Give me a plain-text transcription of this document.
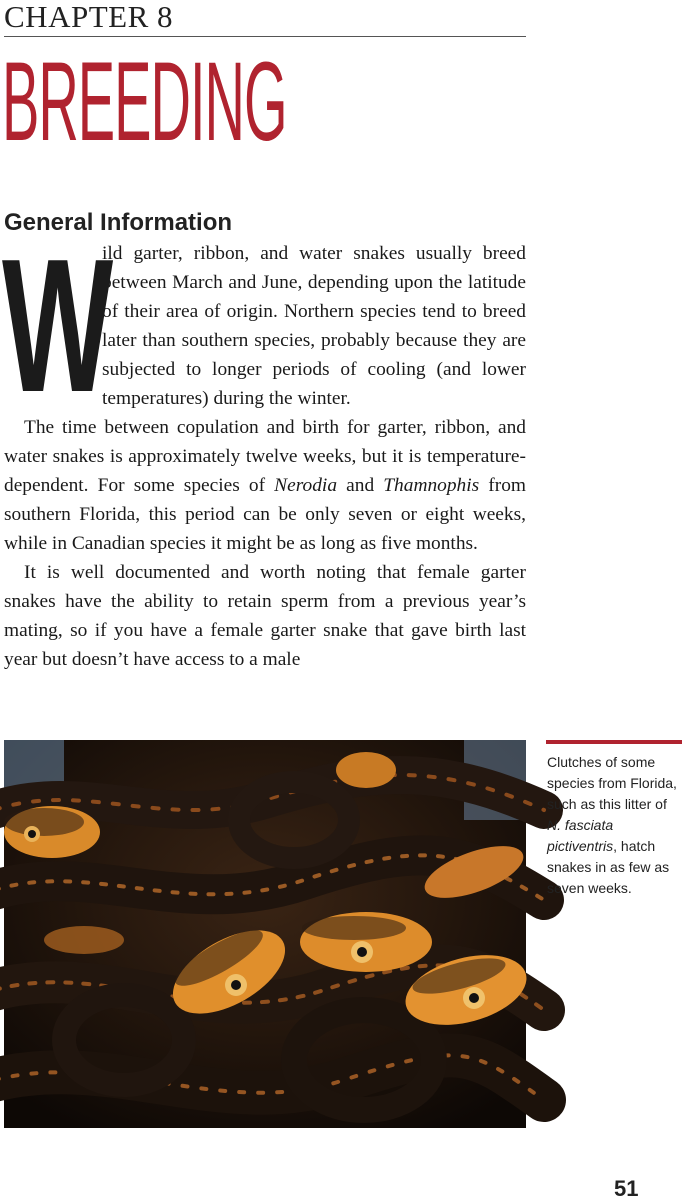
CHAPTER 8
BREEDING
General Information

W
ild garter, ribbon, and water snakes usually breed between March and June, depending upon the latitude of their area of origin. Northern species tend to breed later than southern species, probably because they are subjected to longer periods of cooling (and lower temperatures) during the winter.

The time between copulation and birth for garter, ribbon, and water snakes is approximately twelve weeks, but it is temperature-dependent. For some species of Nerodia and Thamnophis from southern Florida, this period can be only seven or eight weeks, while in Canadian species it might be as long as five months.

It is well documented and worth noting that female garter snakes have the ability to retain sperm from a previous year’s mating, so if you have a female garter snake that gave birth last year but doesn’t have access to a male

Clutches of some species from Florida, such as this litter of N. fasciata pictiventris, hatch snakes in as few as seven weeks.
51
